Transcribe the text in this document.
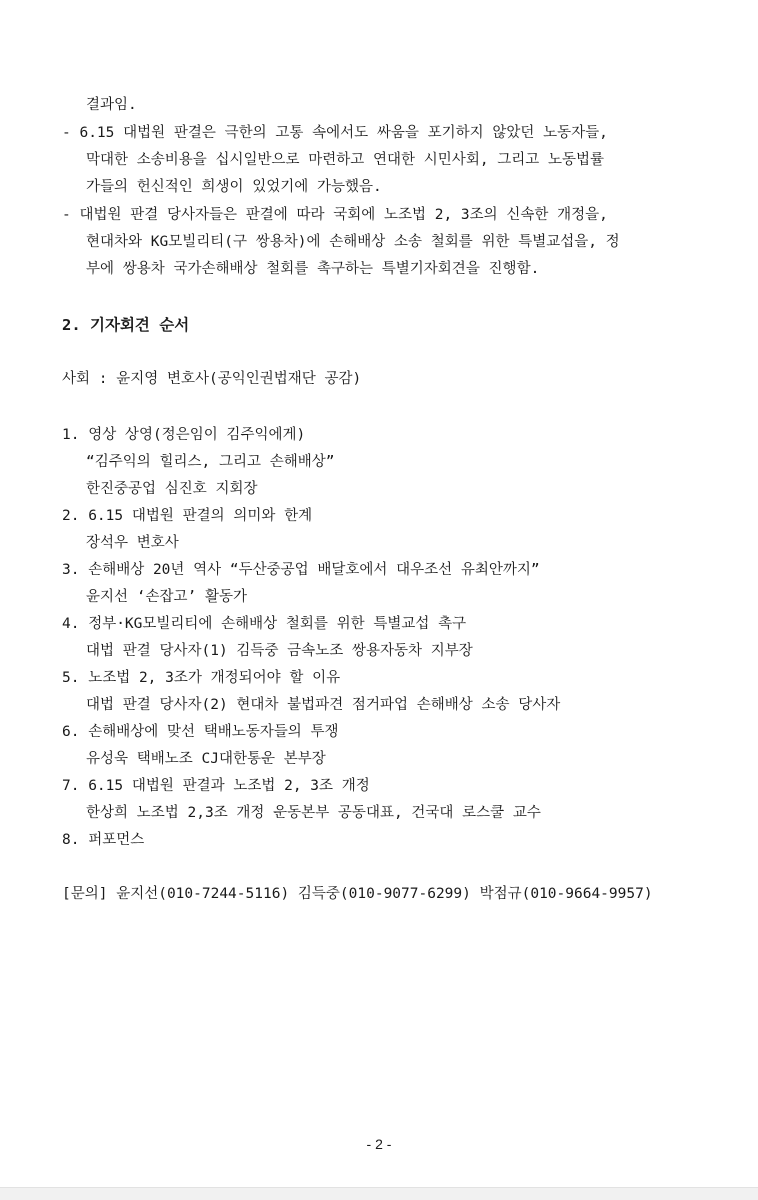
결과임.
- 6.15 대법원 판결은 극한의 고통 속에서도 싸움을 포기하지 않았던 노동자들,
막대한 소송비용을 십시일반으로 마련하고 연대한 시민사회, 그리고 노동법률
가들의 헌신적인 희생이 있었기에 가능했음.
- 대법원 판결 당사자들은 판결에 따라 국회에 노조법 2, 3조의 신속한 개정을,
현대차와 KG모빌리티(구 쌍용차)에 손해배상 소송 철회를 위한 특별교섭을, 정
부에 쌍용차 국가손해배상 철회를 촉구하는 특별기자회견을 진행함.
2. 기자회견 순서
사회 : 윤지영 변호사(공익인권법재단 공감)
1. 영상 상영(정은임이 김주익에게)
“김주익의 힐리스, 그리고 손해배상”
한진중공업 심진호 지회장
2. 6.15 대법원 판결의 의미와 한계
장석우 변호사
3. 손해배상 20년 역사 “두산중공업 배달호에서 대우조선 유최안까지”
윤지선 ‘손잡고’ 활동가
4. 정부·KG모빌리티에 손해배상 철회를 위한 특별교섭 촉구
대법 판결 당사자(1) 김득중 금속노조 쌍용자동차 지부장
5. 노조법 2, 3조가 개정되어야 할 이유
대법 판결 당사자(2) 현대차 불법파견 점거파업 손해배상 소송 당사자
6. 손해배상에 맞선 택배노동자들의 투쟁
유성욱 택배노조 CJ대한통운 본부장
7. 6.15 대법원 판결과 노조법 2, 3조 개정
한상희 노조법 2,3조 개정 운동본부 공동대표, 건국대 로스쿨 교수
8. 퍼포먼스
[문의] 윤지선(010-7244-5116) 김득중(010-9077-6299) 박점규(010-9664-9957)
- 2 -
